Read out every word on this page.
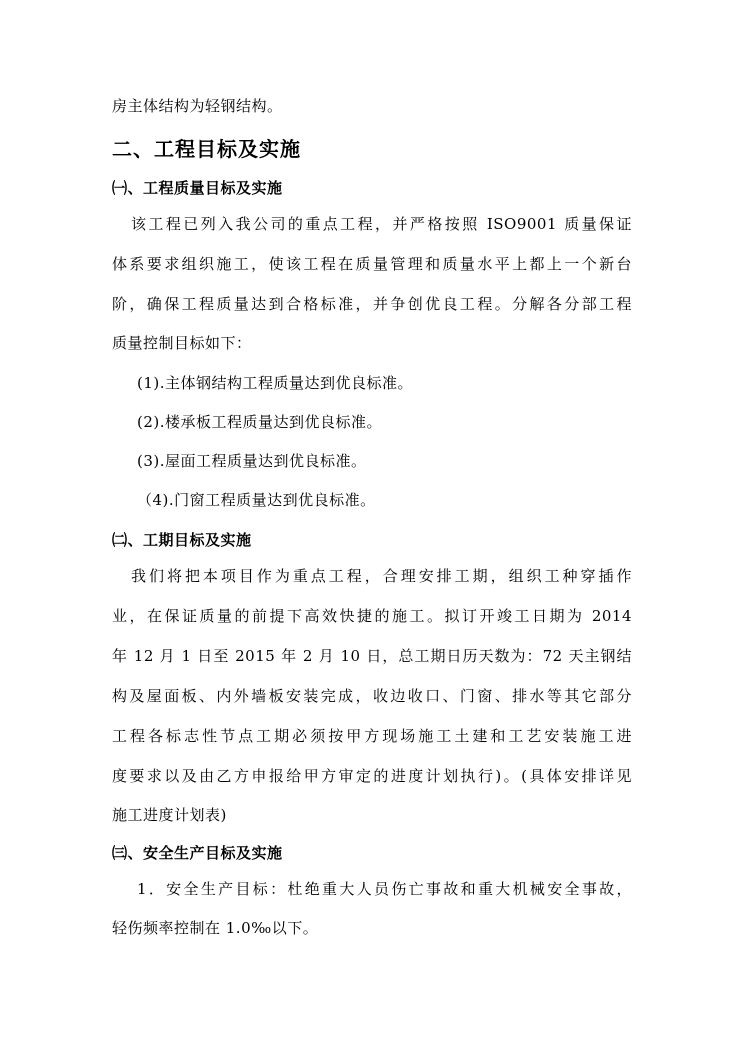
房主体结构为轻钢结构。
二、工程目标及实施
㈠、工程质量目标及实施
该工程已列入我公司的重点工程，并严格按照 ISO9001 质量保证
体系要求组织施工，使该工程在质量管理和质量水平上都上一个新台
阶，确保工程质量达到合格标准，并争创优良工程。分解各分部工程
质量控制目标如下：
(1).主体钢结构工程质量达到优良标准。
(2).楼承板工程质量达到优良标准。
(3).屋面工程质量达到优良标准。
（4).门窗工程质量达到优良标准。
㈡、工期目标及实施
我们将把本项目作为重点工程，合理安排工期，组织工种穿插作
业，在保证质量的前提下高效快捷的施工。拟订开竣工日期为 2014
年 12 月 1 日至 2015 年 2 月 10 日，总工期日历天数为：72 天主钢结
构及屋面板、内外墙板安装完成，收边收口、门窗、排水等其它部分
工程各标志性节点工期必须按甲方现场施工土建和工艺安装施工进
度要求以及由乙方申报给甲方审定的进度计划执行)。(具体安排详见
施工进度计划表)
㈢、安全生产目标及实施
1．安全生产目标：杜绝重大人员伤亡事故和重大机械安全事故，
轻伤频率控制在 1.0‰以下。
